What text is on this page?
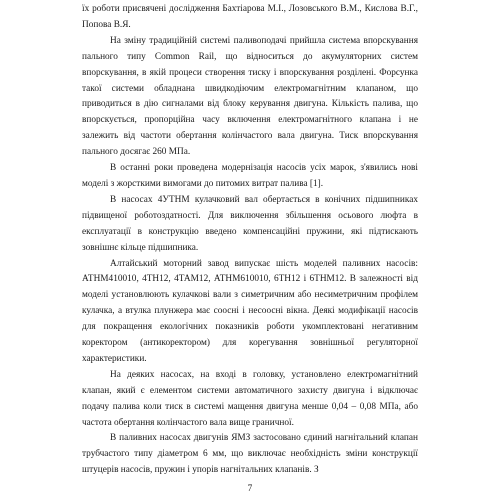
їх роботи присвячені дослідження Бахтіарова М.І., Лозовського В.М., Кислова В.Г., Попова В.Я.

На зміну традиційній системі паливоподачі прийшла система впорскування пального типу Common Rail, що відноситься до акумуляторних систем впорскування, в якій процеси створення тиску і впорскування розділені. Форсунка такої системи обладнана швидкодіючим електромагнітним клапаном, що приводиться в дію сигналами від блоку керування двигуна. Кількість палива, що впорскується, пропорційна часу включення електромагнітного клапана і не залежить від частоти обертання колінчастого вала двигуна. Тиск впорскування пального досягає 260 МПа.

В останні роки проведена модернізація насосів усіх марок, з'явились нові моделі з жорсткими вимогами до питомих витрат палива [1].

В насосах 4УТНМ кулачковий вал обертається в конічних підшипниках підвищеної роботоздатності. Для виключення збільшення осьового люфта в експлуатації в конструкцію введено компенсаційні пружини, які підтискають зовнішнє кільце підшипника.

Алтайський моторний завод випускає шість моделей паливних насосів: АТНМ410010, 4ТН12, 4ТАМ12, АТНМ610010, 6ТН12 і 6ТНМ12. В залежності від моделі установлюють кулачкові вали з симетричним або несиметричним профілем кулачка, а втулка плунжера має соосні і несоосні вікна. Деякі модифікації насосів для покращення екологічних показників роботи укомплектовані негативним коректором (антикоректором) для корегування зовнішньої регуляторної характеристики.

На деяких насосах, на вході в головку, установлено електромагнітний клапан, який є елементом системи автоматичного захисту двигуна і відключає подачу палива коли тиск в системі мащення двигуна менше 0,04 – 0,08 МПа, або частота обертання колінчастого вала вище граничної.

В паливних насосах двигунів ЯМЗ застосовано єдиний нагнітальний клапан трубчастого типу діаметром 6 мм, що виключає необхідність зміни конструкції штуцерів насосів, пружин і упорів нагнітальних клапанів. З

7
